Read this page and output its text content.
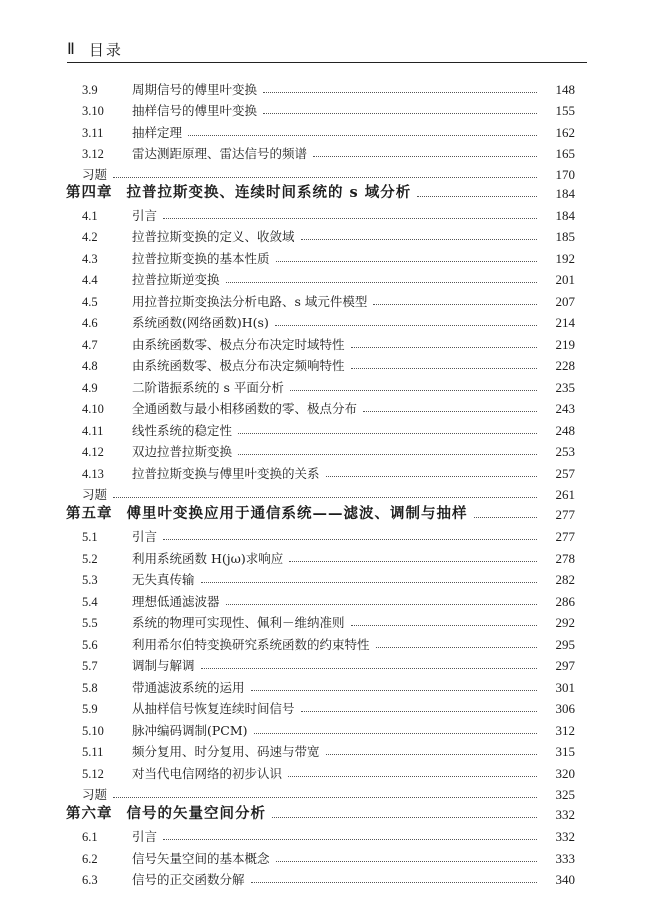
Ⅱ 目录
3.9	周期信号的傅里叶变换	148
3.10	抽样信号的傅里叶变换	155
3.11	抽样定理	162
3.12	雷达测距原理、雷达信号的频谱	165
习题	170
第四章 拉普拉斯变换、连续时间系统的 s 域分析	184
4.1	引言	184
4.2	拉普拉斯变换的定义、收敛域	185
4.3	拉普拉斯变换的基本性质	192
4.4	拉普拉斯逆变换	201
4.5	用拉普拉斯变换法分析电路、s 域元件模型	207
4.6	系统函数(网络函数)H(s)	214
4.7	由系统函数零、极点分布决定时域特性	219
4.8	由系统函数零、极点分布决定频响特性	228
4.9	二阶谐振系统的 s 平面分析	235
4.10	全通函数与最小相移函数的零、极点分布	243
4.11	线性系统的稳定性	248
4.12	双边拉普拉斯变换	253
4.13	拉普拉斯变换与傅里叶变换的关系	257
习题	261
第五章 傅里叶变换应用于通信系统——滤波、调制与抽样	277
5.1	引言	277
5.2	利用系统函数 H(jω)求响应	278
5.3	无失真传输	282
5.4	理想低通滤波器	286
5.5	系统的物理可实现性、佩利－维纳准则	292
5.6	利用希尔伯特变换研究系统函数的约束特性	295
5.7	调制与解调	297
5.8	带通滤波系统的运用	301
5.9	从抽样信号恢复连续时间信号	306
5.10	脉冲编码调制(PCM)	312
5.11	频分复用、时分复用、码速与带宽	315
5.12	对当代电信网络的初步认识	320
习题	325
第六章 信号的矢量空间分析	332
6.1	引言	332
6.2	信号矢量空间的基本概念	333
6.3	信号的正交函数分解	340
